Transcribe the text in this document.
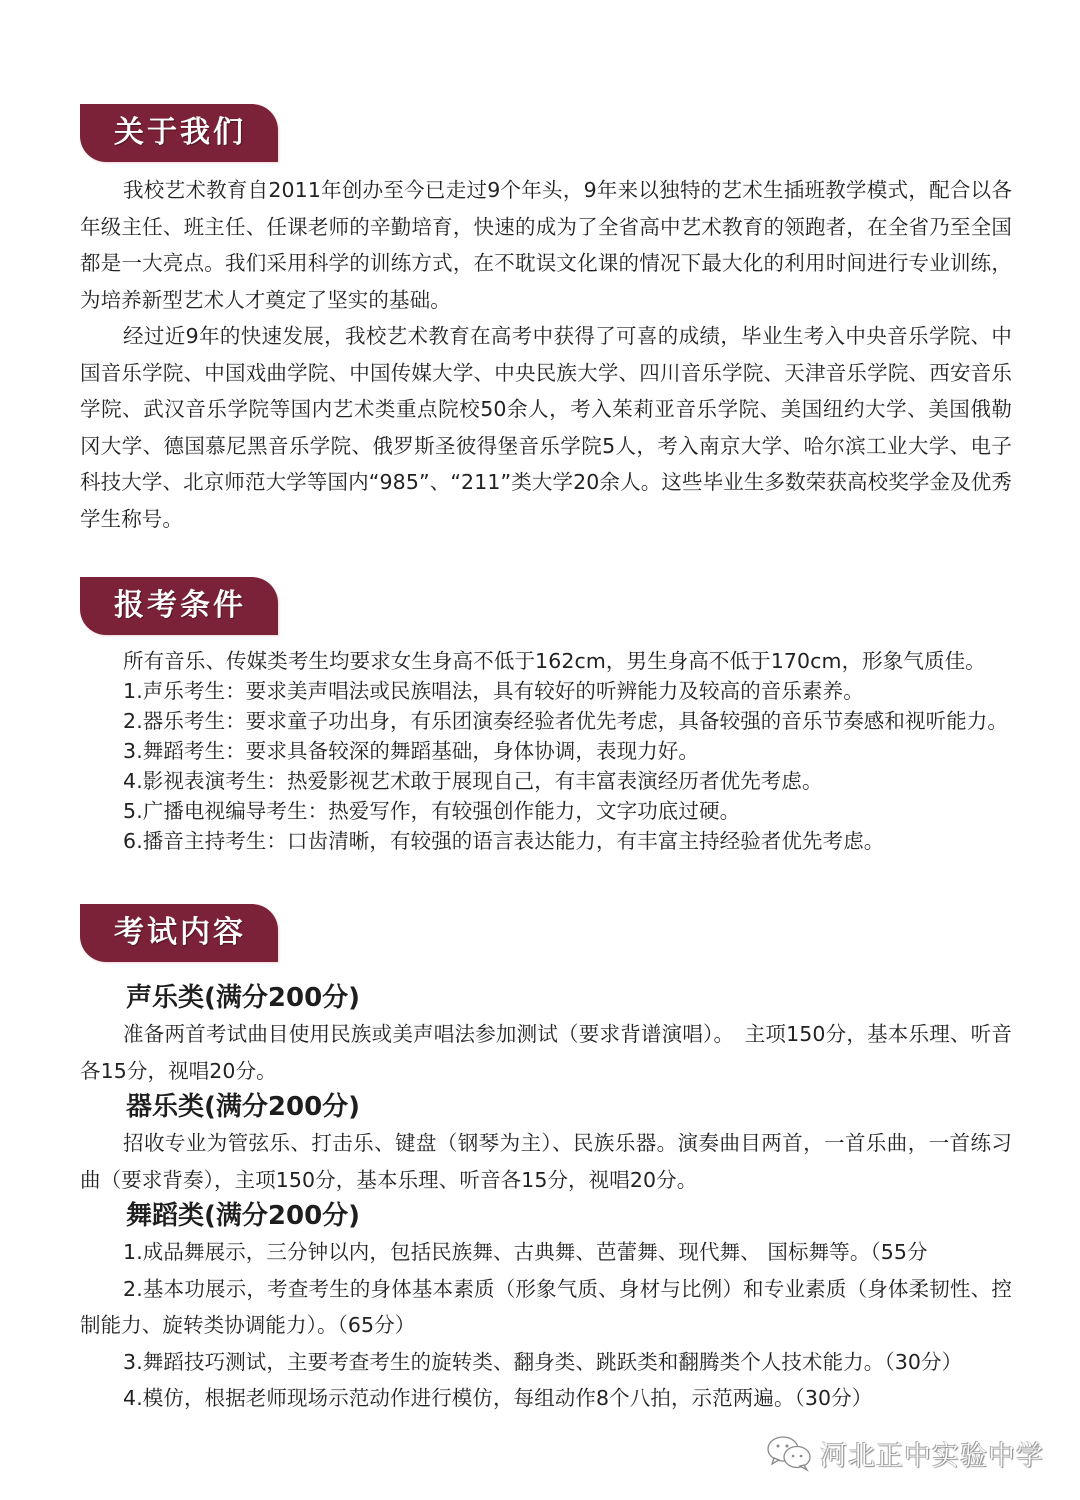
关于我们

我校艺术教育自2011年创办至今已走过9个年头，9年来以独特的艺术生插班教学模式，配合以各年级主任、班主任、任课老师的辛勤培育，快速的成为了全省高中艺术教育的领跑者，在全省乃至全国都是一大亮点。我们采用科学的训练方式，在不耽误文化课的情况下最大化的利用时间进行专业训练，为培养新型艺术人才奠定了坚实的基础。

经过近9年的快速发展，我校艺术教育在高考中获得了可喜的成绩，毕业生考入中央音乐学院、中国音乐学院、中国戏曲学院、中国传媒大学、中央民族大学、四川音乐学院、天津音乐学院、西安音乐学院、武汉音乐学院等国内艺术类重点院校50余人，考入茱莉亚音乐学院、美国纽约大学、美国俄勒冈大学、德国慕尼黑音乐学院、俄罗斯圣彼得堡音乐学院5人，考入南京大学、哈尔滨工业大学、电子科技大学、北京师范大学等国内“985”、“211”类大学20余人。这些毕业生多数荣获高校奖学金及优秀学生称号。

报考条件

所有音乐、传媒类考生均要求女生身高不低于162cm，男生身高不低于170cm，形象气质佳。

1.声乐考生：要求美声唱法或民族唱法，具有较好的听辨能力及较高的音乐素养。

2.器乐考生：要求童子功出身，有乐团演奏经验者优先考虑，具备较强的音乐节奏感和视听能力。

3.舞蹈考生：要求具备较深的舞蹈基础，身体协调，表现力好。

4.影视表演考生：热爱影视艺术敢于展现自己，有丰富表演经历者优先考虑。

5.广播电视编导考生：热爱写作，有较强创作能力，文字功底过硬。

6.播音主持考生：口齿清晰，有较强的语言表达能力，有丰富主持经验者优先考虑。

考试内容

声乐类(满分200分)

准备两首考试曲目使用民族或美声唱法参加测试（要求背谱演唱）。　主项150分，基本乐理、听音各15分，视唱20分。

器乐类(满分200分)

招收专业为管弦乐、打击乐、键盘（钢琴为主）、民族乐器。演奏曲目两首，一首乐曲，一首练习曲（要求背奏），主项150分，基本乐理、听音各15分，视唱20分。

舞蹈类(满分200分)

1.成品舞展示，三分钟以内，包括民族舞、古典舞、芭蕾舞、现代舞、 国标舞等。（55分

2.基本功展示，考查考生的身体基本素质（形象气质、身材与比例）和专业素质（身体柔韧性、控制能力、旋转类协调能力）。（65分）

3.舞蹈技巧测试，主要考查考生的旋转类、翻身类、跳跃类和翻腾类个人技术能力。（30分）

4.模仿，根据老师现场示范动作进行模仿，每组动作8个八拍，示范两遍。（30分）

河北正中实验中学
